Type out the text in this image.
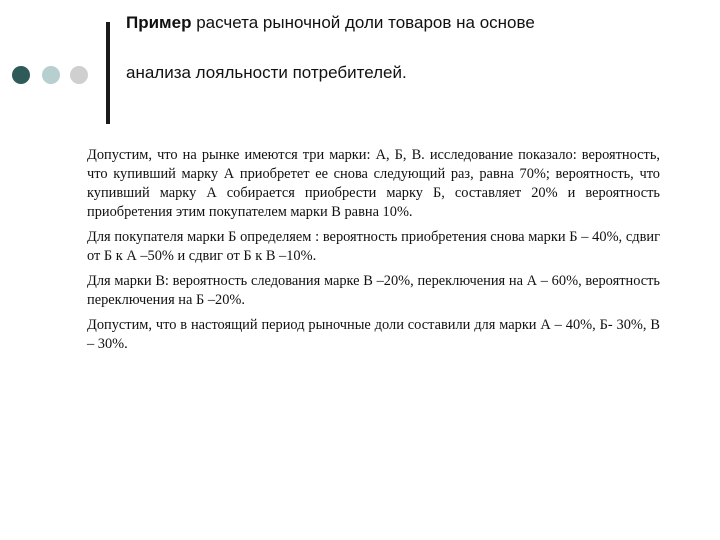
Пример расчета рыночной доли товаров на основе
анализа лояльности потребителей.

Допустим, что на рынке имеются три марки: А, Б, В. исследование показало: вероятность, что купивший марку А приобретет ее снова следующий раз, равна 70%; вероятность, что купивший марку А собирается приобрести марку Б, составляет 20% и вероятность приобретения этим покупателем марки В равна 10%.

Для покупателя марки Б определяем : вероятность приобретения снова марки Б – 40%, сдвиг от Б к А –50% и сдвиг от Б к В –10%.

Для марки В: вероятность следования марке В –20%, переключения на А – 60%, вероятность переключения на Б –20%.

Допустим, что в настоящий период рыночные доли составили для марки А – 40%, Б- 30%, В – 30%.
